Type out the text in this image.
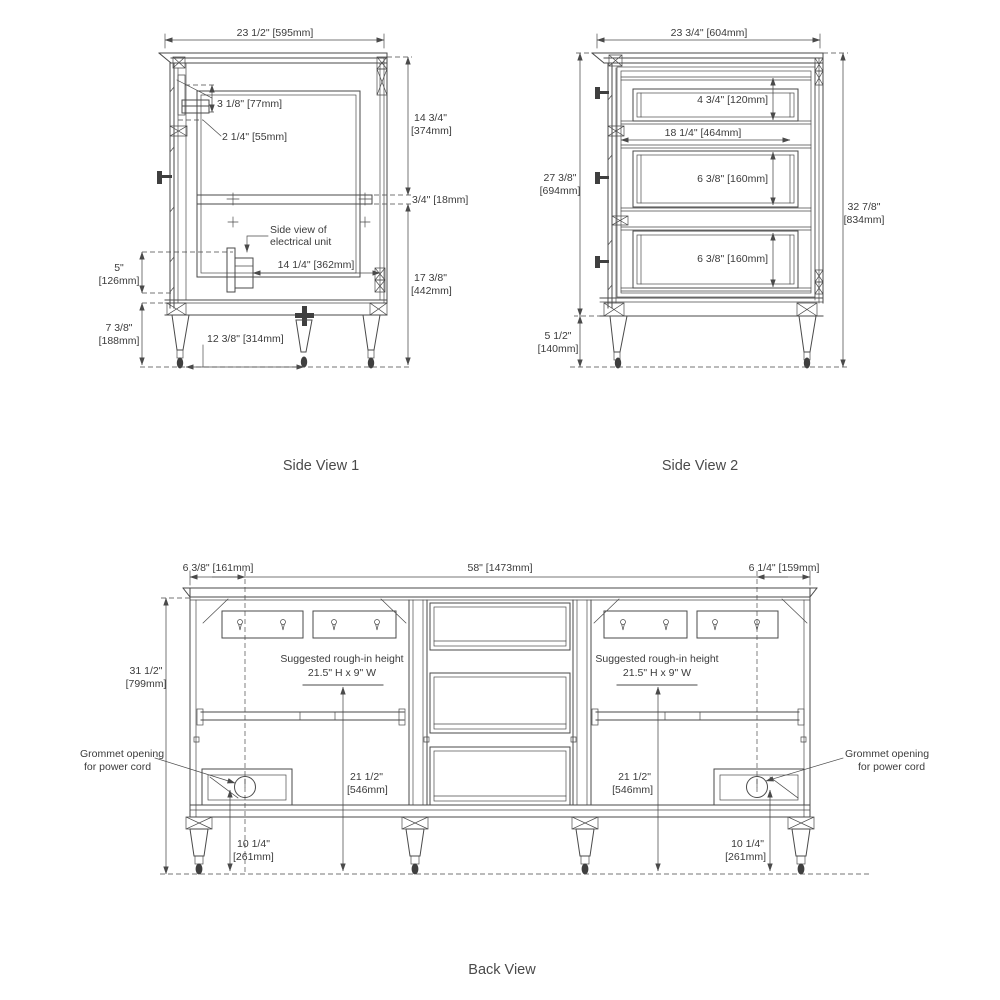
23 1/2" [595mm]
3 1/8" [77mm]
2 1/4" [55mm]
14 3/4"
[374mm]
3/4" [18mm]
17 3/8"
[442mm]
Side view of
electrical unit
14 1/4" [362mm]
5"
[126mm]
7 3/8"
[188mm]	12 3/8" [314mm]
23 3/4" [604mm]
4 3/4" [120mm]
18 1/4" [464mm]
6 3/8" [160mm]
6 3/8" [160mm]
27 3/8"
[694mm]
5 1/2"
[140mm]
32 7/8"
[834mm]
6 3/8" [161mm]	58" [1473mm]	6 1/4" [159mm]
31 1/2"
[799mm]
Suggested rough-in height
21.5" H x 9" W
Suggested rough-in height
21.5" H x 9" W
21 1/2"
[546mm]
21 1/2"
[546mm]
Grommet opening
for power cord
Grommet opening
for power cord
10 1/4"
[261mm]
10 1/4"
[261mm]
Side View 1	Side View 2
Back View
